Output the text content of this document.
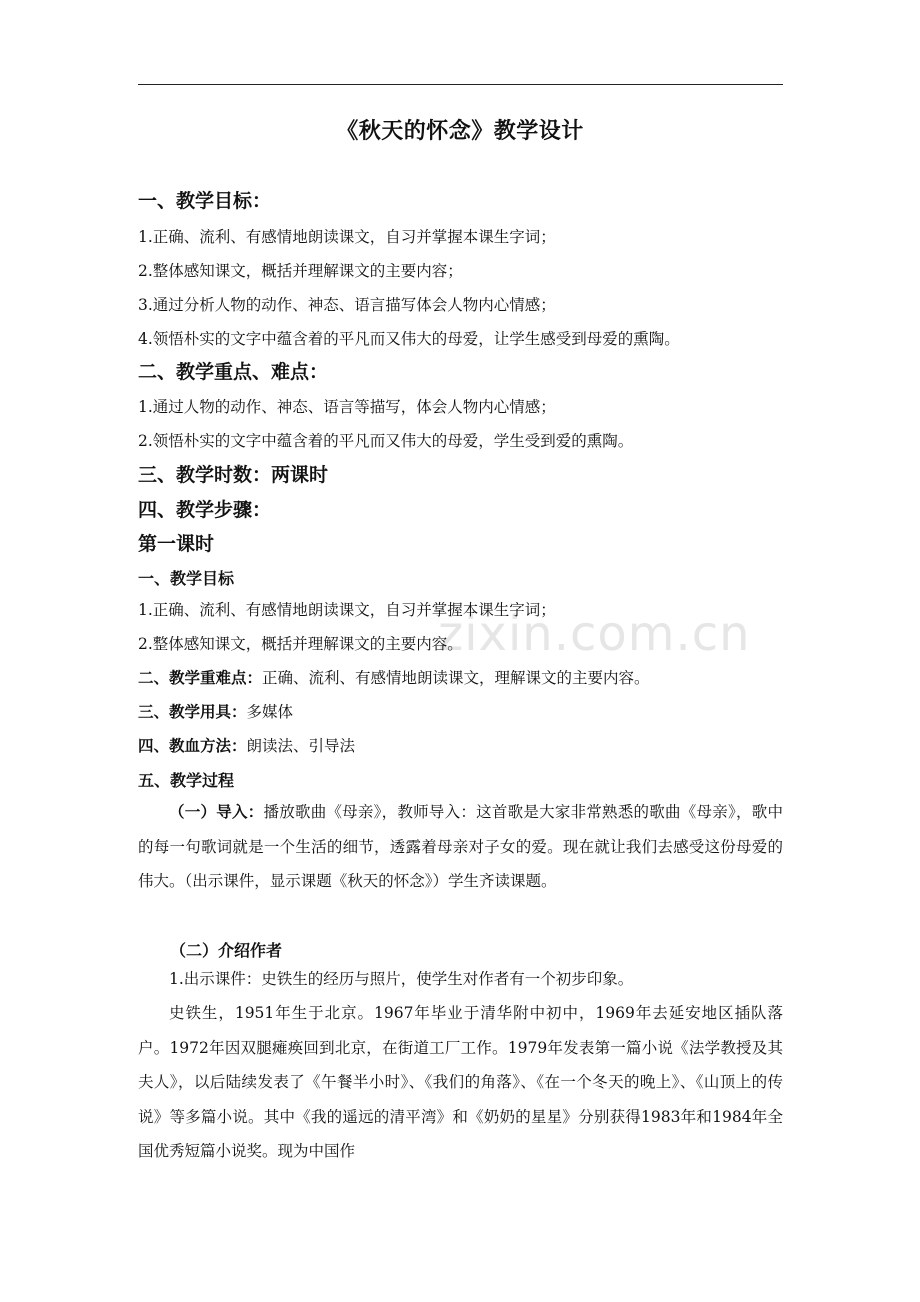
zixin.com.cn
《秋天的怀念》教学设计
一、教学目标：
1.正确、流利、有感情地朗读课文，自习并掌握本课生字词；
2.整体感知课文，概括并理解课文的主要内容；
3.通过分析人物的动作、神态、语言描写体会人物内心情感；
4.领悟朴实的文字中蕴含着的平凡而又伟大的母爱，让学生感受到母爱的熏陶。
二、教学重点、难点：
1.通过人物的动作、神态、语言等描写，体会人物内心情感；
2.领悟朴实的文字中蕴含着的平凡而又伟大的母爱，学生受到爱的熏陶。
三、教学时数：两课时
四、教学步骤：
第一课时
一、教学目标
1.正确、流利、有感情地朗读课文，自习并掌握本课生字词；
2.整体感知课文，概括并理解课文的主要内容。
二、教学重难点：正确、流利、有感情地朗读课文，理解课文的主要内容。
三、教学用具：多媒体
四、教血方法：朗读法、引导法
五、教学过程
（一）导入：播放歌曲《母亲》，教师导入：这首歌是大家非常熟悉的歌曲《母亲》，歌中的每一句歌词就是一个生活的细节，透露着母亲对子女的爱。现在就让我们去感受这份母爱的伟大。（出示课件，显示课题《秋天的怀念》）学生齐读课题。
（二）介绍作者
1.出示课件：史铁生的经历与照片，使学生对作者有一个初步印象。
史铁生，1951年生于北京。1967年毕业于清华附中初中，1969年去延安地区插队落户。1972年因双腿瘫痪回到北京，在街道工厂工作。1979年发表第一篇小说《法学教授及其夫人》，以后陆续发表了《午餐半小时》、《我们的角落》、《在一个冬天的晚上》、《山顶上的传说》等多篇小说。其中《我的遥远的清平湾》和《奶奶的星星》分别获得1983年和1984年全国优秀短篇小说奖。现为中国作
